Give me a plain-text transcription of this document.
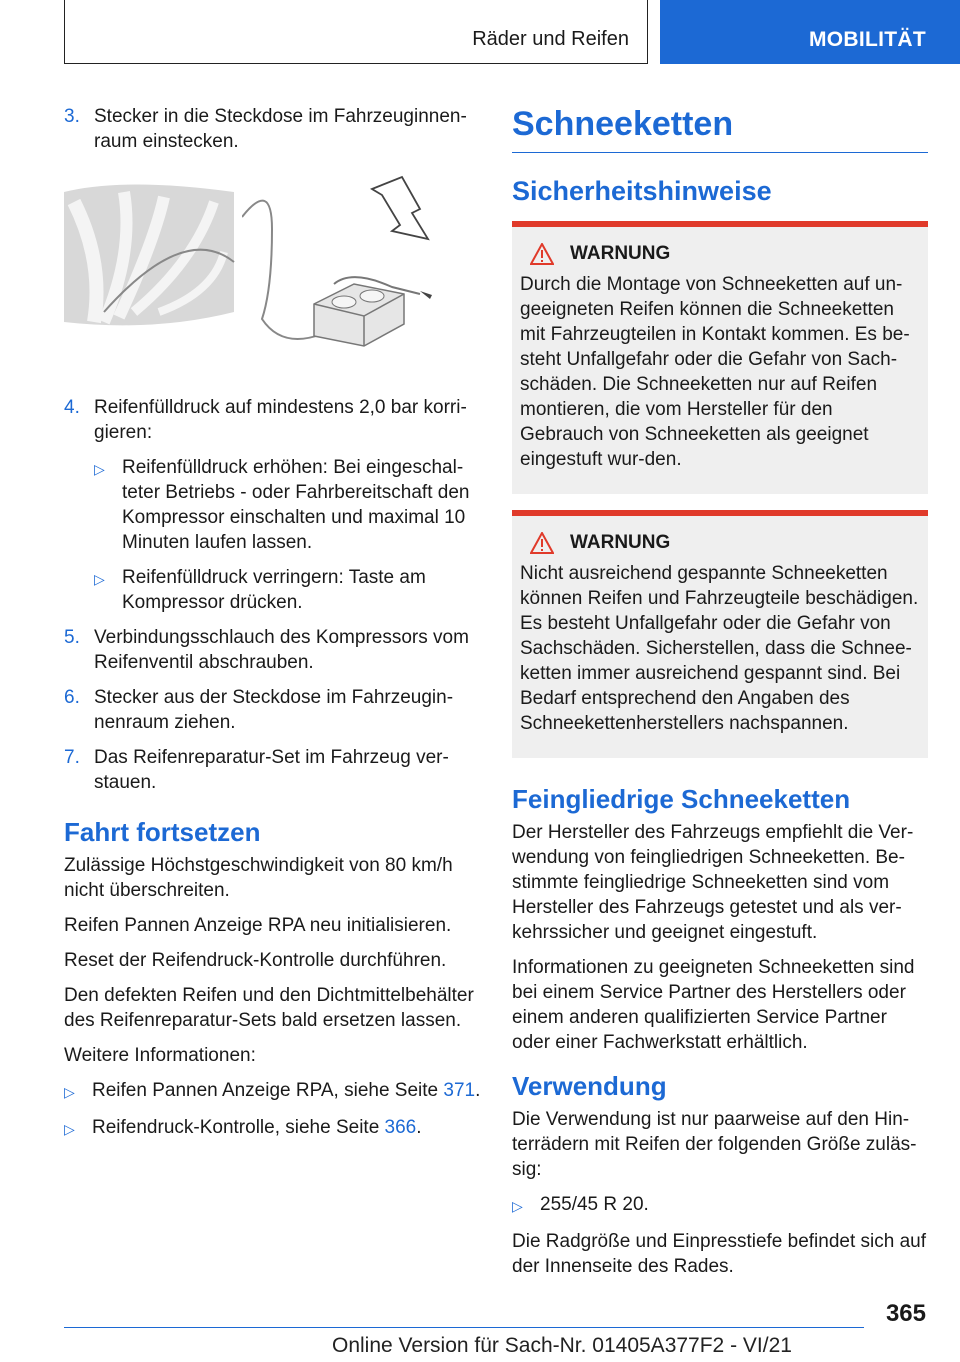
Räder und Reifen	MOBILITÄT
3. Stecker in die Steckdose im Fahrzeuginnen-raum einstecken.
4. Reifenfülldruck auf mindestens 2,0 bar korri-gieren:
▷ Reifenfülldruck erhöhen: Bei eingeschal-teter Betriebs - oder Fahrbereitschaft den Kompressor einschalten und maximal 10 Minuten laufen lassen.
▷ Reifenfülldruck verringern: Taste am Kompressor drücken.
5. Verbindungsschlauch des Kompressors vom Reifenventil abschrauben.
6. Stecker aus der Steckdose im Fahrzeugin-nenraum ziehen.
7. Das Reifenreparatur-Set im Fahrzeug ver-stauen.
Fahrt fortsetzen

Zulässige Höchstgeschwindigkeit von 80 km/h nicht überschreiten.

Reifen Pannen Anzeige RPA neu initialisieren.

Reset der Reifendruck-Kontrolle durchführen.

Den defekten Reifen und den Dichtmittelbehälter des Reifenreparatur-Sets bald ersetzen lassen.

Weitere Informationen:

▷ Reifen Pannen Anzeige RPA, siehe Seite 371.
▷ Reifendruck-Kontrolle, siehe Seite 366.
Schneeketten
Sicherheitshinweise
WARNUNG
Durch die Montage von Schneeketten auf un-geeigneten Reifen können die Schneeketten mit Fahrzeugteilen in Kontakt kommen. Es be-steht Unfallgefahr oder die Gefahr von Sach-schäden. Die Schneeketten nur auf Reifen montieren, die vom Hersteller für den Gebrauch von Schneeketten als geeignet eingestuft wur-den.
WARNUNG
Nicht ausreichend gespannte Schneeketten können Reifen und Fahrzeugteile beschädigen. Es besteht Unfallgefahr oder die Gefahr von Sachschäden. Sicherstellen, dass die Schnee-ketten immer ausreichend gespannt sind. Bei Bedarf entsprechend den Angaben des Schneekettenherstellers nachspannen.
Feingliedrige Schneeketten

Der Hersteller des Fahrzeugs empfiehlt die Ver-wendung von feingliedrigen Schneeketten. Be-stimmte feingliedrige Schneeketten sind vom Hersteller des Fahrzeugs getestet und als ver-kehrssicher und geeignet eingestuft.

Informationen zu geeigneten Schneeketten sind bei einem Service Partner des Herstellers oder einem anderen qualifizierten Service Partner oder einer Fachwerkstatt erhältlich.

Verwendung

Die Verwendung ist nur paarweise auf den Hin-terrädern mit Reifen der folgenden Größe zuläs-sig:

▷ 255/45 R 20.

Die Radgröße und Einpresstiefe befindet sich auf der Innenseite des Rades.

365
Online Version für Sach-Nr. 01405A377F2 - VI/21
